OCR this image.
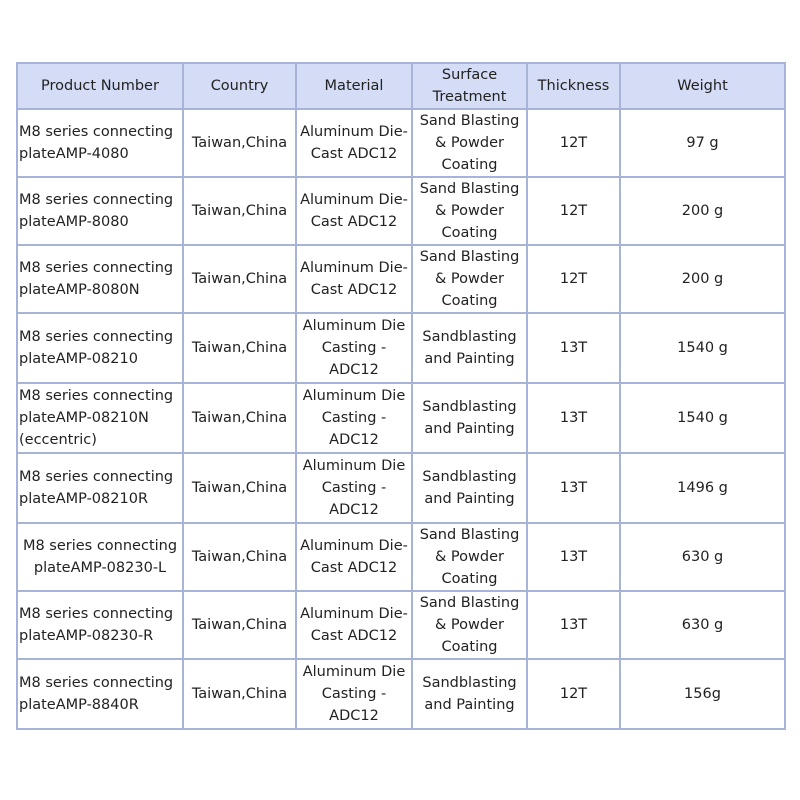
Product Number	Country	Material	Surface Treatment	Thickness	Weight
M8 series connecting plateAMP-4080	Taiwan,China	Aluminum Die-Cast ADC12	Sand Blasting & Powder Coating	12T	97 g
M8 series connecting plateAMP-8080	Taiwan,China	Aluminum Die-Cast ADC12	Sand Blasting & Powder Coating	12T	200 g
M8 series connecting plateAMP-8080N	Taiwan,China	Aluminum Die-Cast ADC12	Sand Blasting & Powder Coating	12T	200 g
M8 series connecting plateAMP-08210	Taiwan,China	Aluminum Die Casting - ADC12	Sandblasting and Painting	13T	1540 g
M8 series connecting plateAMP-08210N (eccentric)	Taiwan,China	Aluminum Die Casting - ADC12	Sandblasting and Painting	13T	1540 g
M8 series connecting plateAMP-08210R	Taiwan,China	Aluminum Die Casting - ADC12	Sandblasting and Painting	13T	1496 g
M8 series connecting plateAMP-08230-L	Taiwan,China	Aluminum Die-Cast ADC12	Sand Blasting & Powder Coating	13T	630 g
M8 series connecting plateAMP-08230-R	Taiwan,China	Aluminum Die-Cast ADC12	Sand Blasting & Powder Coating	13T	630 g
M8 series connecting plateAMP-8840R	Taiwan,China	Aluminum Die Casting - ADC12	Sandblasting and Painting	12T	156g
